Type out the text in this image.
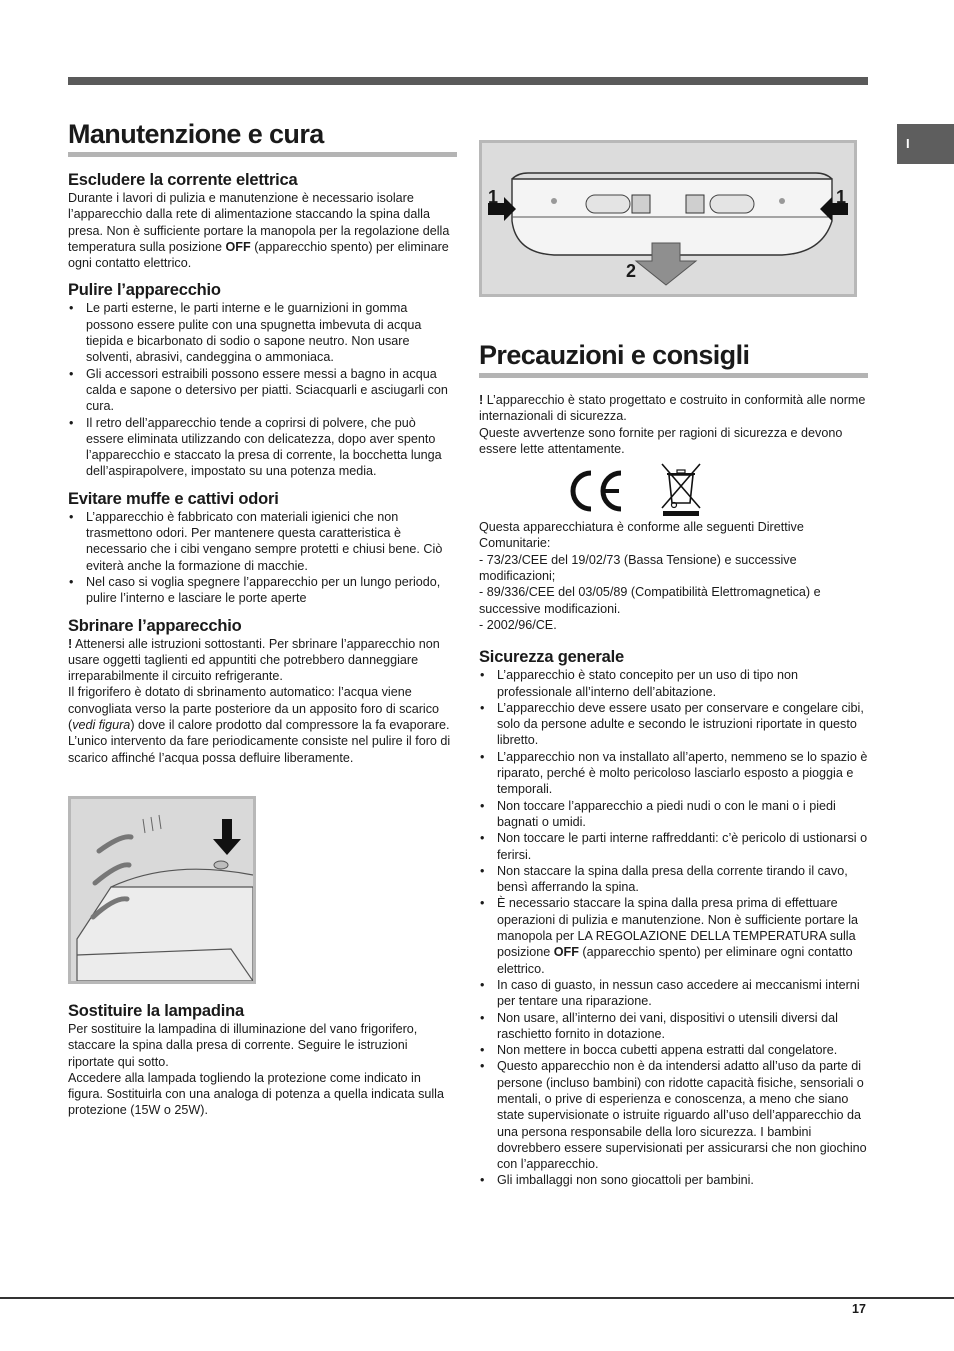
I
Manutenzione e cura
Escludere la corrente elettrica

Durante i lavori di pulizia e manutenzione è necessario isolare l’apparecchio dalla rete di alimentazione staccando la spina dalla presa. Non è sufficiente portare la manopola per la regolazione della temperatura sulla posizione OFF (apparecchio spento) per eliminare ogni contatto elettrico.

Pulire l’apparecchio
• Le parti esterne, le parti interne e le guarnizioni in gomma possono essere pulite con una spugnetta imbevuta di acqua tiepida e bicarbonato di sodio o sapone neutro. Non usare solventi, abrasivi, candeggina o ammoniaca.
• Gli accessori estraibili possono essere messi a bagno in acqua calda e sapone o detersivo per piatti. Sciacquarli e asciugarli con cura.
• Il retro dell’apparecchio tende a coprirsi di polvere, che può essere eliminata utilizzando con delicatezza, dopo aver spento l’apparecchio e staccato la presa di corrente, la bocchetta lunga dell’aspirapolvere, impostato su una potenza media.
Evitare muffe e cattivi odori
• L’apparecchio è fabbricato con materiali igienici che non trasmettono odori. Per mantenere questa caratteristica è necessario che i cibi vengano sempre protetti e chiusi bene. Ciò eviterà anche la formazione di macchie.
• Nel caso si voglia spegnere l’apparecchio per un lungo periodo, pulire l’interno e lasciare le porte aperte
Sbrinare l’apparecchio

! Attenersi alle istruzioni sottostanti. Per sbrinare l’apparecchio non usare oggetti taglienti ed appuntiti che potrebbero danneggiare irreparabilmente il circuito refrigerante.

Il frigorifero è dotato di sbrinamento automatico: l’acqua viene convogliata verso la parte posteriore da un apposito foro di scarico (vedi figura) dove il calore prodotto dal compressore la fa evaporare. L’unico intervento da fare periodicamente consiste nel pulire il foro di scarico affinché l’acqua possa defluire liberamente.

Sostituire la lampadina

Per sostituire la lampadina di illuminazione del vano frigorifero, staccare la spina dalla presa di corrente. Seguire le istruzioni riportate qui sotto.

Accedere alla lampada togliendo la protezione come indicato in figura. Sostituirla con una analoga di potenza a quella indicata sulla protezione (15W o 25W).

1	1
2
Precauzioni e consigli

! L’apparecchio è stato progettato e costruito in conformità alle norme internazionali di sicurezza.

Queste avvertenze sono fornite per ragioni di sicurezza e devono essere lette attentamente.

Questa apparecchiatura è conforme alle seguenti Direttive Comunitarie:

- 73/23/CEE del 19/02/73 (Bassa Tensione) e successive modificazioni;

- 89/336/CEE del 03/05/89 (Compatibilità Elettromagnetica) e successive modificazioni.

- 2002/96/CE.

Sicurezza generale
• L’apparecchio è stato concepito per un uso di tipo non professionale all’interno dell’abitazione.
• L’apparecchio deve essere usato per conservare e congelare cibi, solo da persone adulte e secondo le istruzioni riportate in questo libretto.
• L’apparecchio non va installato all’aperto, nemmeno se lo spazio è riparato, perché è molto pericoloso lasciarlo esposto a pioggia e temporali.
• Non toccare l’apparecchio a piedi nudi o con le mani o i piedi bagnati o umidi.
• Non toccare le parti interne raffreddanti: c’è pericolo di ustionarsi o ferirsi.
• Non staccare la spina dalla presa della corrente tirando il cavo, bensì afferrando la spina.
• È necessario staccare la spina dalla presa prima di effettuare operazioni di pulizia e manutenzione. Non è sufficiente portare la manopola per LA REGOLAZIONE DELLA TEMPERATURA sulla posizione OFF (apparecchio spento) per eliminare ogni contatto elettrico.
• In caso di guasto, in nessun caso accedere ai meccanismi interni per tentare una riparazione.
• Non usare, all’interno dei vani, dispositivi o utensili diversi dal raschietto fornito in dotazione.
• Non mettere in bocca cubetti appena estratti dal congelatore.
• Questo apparecchio non è da intendersi adatto all’uso da parte di persone (incluso bambini) con ridotte capacità fisiche, sensoriali o mentali, o prive di esperienza e conoscenza, a meno che siano state supervisionate o istruite riguardo all’uso dell’apparecchio da una persona responsabile della loro sicurezza. I bambini dovrebbero essere supervisionati per assicurarsi che non giochino con l’apparecchio.
• Gli imballaggi non sono giocattoli per bambini.
17
